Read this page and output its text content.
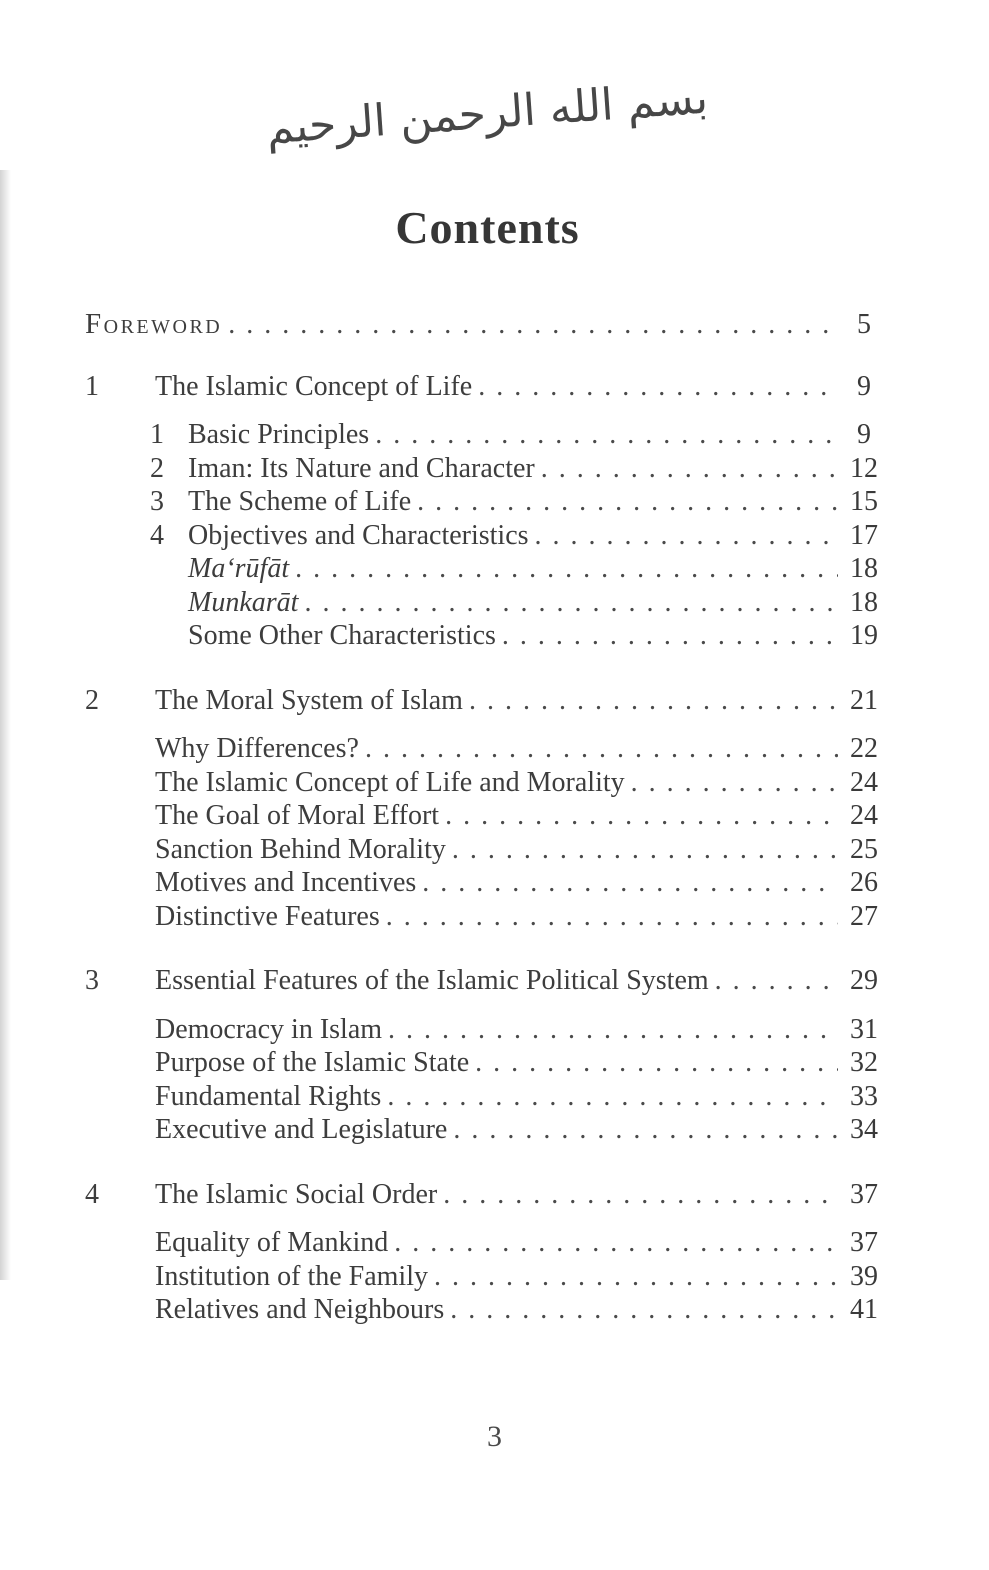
بسم الله الرحمن الرحيم
Contents
Foreword . . .	5
1	The Islamic Concept of Life . . .	9
1 Basic Principles . . .	9
2 Iman: Its Nature and Character . . .	12
3 The Scheme of Life . . .	15
4 Objectives and Characteristics . . .	17
Ma‘rūfāt . . .	18
Munkarāt . . .	18
Some Other Characteristics . . .	19
2	The Moral System of Islam . . .	21
Why Differences? . . .	22
The Islamic Concept of Life and Morality . . .	24
The Goal of Moral Effort . . .	24
Sanction Behind Morality . . .	25
Motives and Incentives . . .	26
Distinctive Features . . .	27
3	Essential Features of the Islamic Political System . . .	29
Democracy in Islam . . .	31
Purpose of the Islamic State . . .	32
Fundamental Rights . . .	33
Executive and Legislature . . .	34
4	The Islamic Social Order . . .	37
Equality of Mankind . . .	37
Institution of the Family . . .	39
Relatives and Neighbours . . .	41
3
